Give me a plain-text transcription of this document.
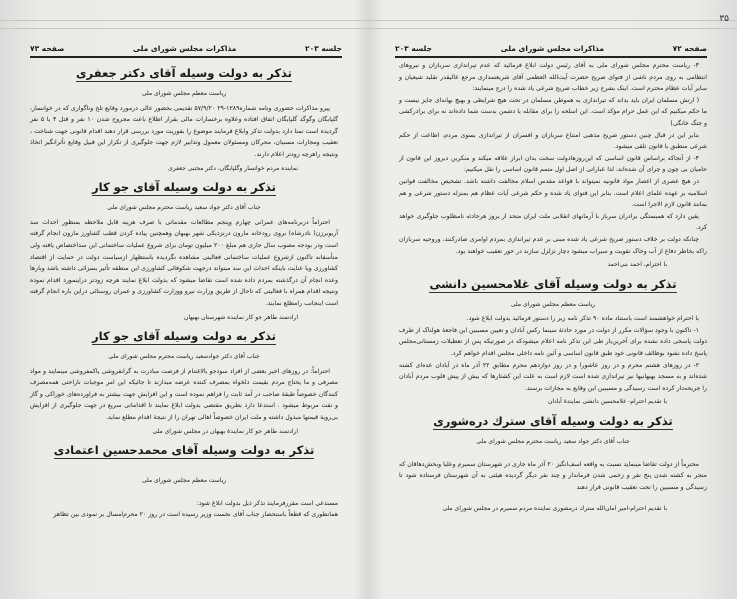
جلسه ۲۰۳
مذاکرات مجلس شورای ملی
صفحه ۷۳
تذکر به دولت وسیله آقای دکتر جعفری
ریاست معظم مجلس شورای ملی

پیرو مذاکرات حضوری ونامه شماره۱۲۸۹-۲۹ ۵۷/۹/۲۰ تقدیمی بحضور عالی درمورد وقایع تلخ وناگواری که در خوانسار، گلپایگان وگوگد گلپایگان اتفاق افتاده وعلاوه برخسارات مالی بقرار اطلاع باعث مجروح شدن ۱۰ نفر و قتل ۴ یا ۵ نفر گردیده است تمنا دارد بدولت تذکر وابلاغ فرمایند موضوع را بفوریت مورد بررسی قرار دهند اقدام قانونی جهت شناخت ، تعقیب ومجازات مسببان، محرکان ومسئولان معمول وتدابیر لازم جهت جلوگیری از تکرار این قبیل وقایع تأثرانگیز اتخاذ ونتیجه راهرچه زودتر اعلام دارند.

نماینده مردم خوانسار وگلپایگان، دکتر مجتبی جعفری
تذکر به دولت وسیله آقای جو کار
جناب آقای دکتر جواد سعید ریاست محترم مجلس شورای ملی

احتراماً دربرنامه‌های عمرانی چهارم وپنجم مطالعات مقدماتی با صرف هزینه قابل ملاحظه بمنظور احداث سد آریوبرزن( نادرشاه) بروی رودخانه مارون درنزدیکی شهر بهبهان وهمچنین پیاده کردن قطب کشاورز مارون انجام گرفته است ودر بودجه مصوب سال جاری هم مبلغ ۲۰۰ میلیون تومان برای شروع عملیات ساختمانی این سداختصاص یافته ولی متأسفانه تاکنون ازشروع عملیات ساختمانی فعالیتی مشاهده نگردیده باستظهار ازسیاست دولت در حمایت از اقتصاد کشاورزی ویا عنایت باینکه احداث این سد میتواند درجهت شکوفائی کشاورزی این منطقه تأثیر بسزائی داشته باشد وبارها وعده انجام آن درگذشته بمردم داده شده است تقاضا میشود که بدولت ابلاغ نمایند هرچه زودتر دراینمورد اقدام نموده ونتیجه اقدام همراه با فعالیتی که تاحال از طریق وزارت نیرو ووزارت کشاورزی و عمران روستائی دراین باره انجام گرفته است اینجانب رامطلع نمایند.

ارادتمند طاهر جو کار نماینده شهرستان بهبهان
تذکر به دولت وسیله آقای جو کار
جناب آقای دکتر جوادسعید ریاست محترم مجلس شورای ملی

احتراماً: در روزهای اخیر بعضی از افراد سودجو بالاغتنام از فرصت مبادرت به گرانفروشی یاکمفروشی مینمایند و مواد مصرفی و ما یحتاج مردم بقیمت دلخواه بمصرف کننده عرضه میدارند تا جائیکه این امر موجبات ناراحتی همه‌مصرف کنندگان خصوصاً طبقهٔ صاحب در آمد ثابت را فراهم نموده است و این افزایش جهت بیشتر به فراورده‌های خوراکی و گاز و نفت مربوط میشود . استدعا دارد بطریق مقتضی بدولت ابلاغ نمایند تا اقداماتی سریع در جهت جلوگیری از افزایش بی‌رویهٔ قیمتها مبذول داشته و ملت ایران خصوصاً اهالی تهران را از نتیجهٔ اقدام مطلع نماید.

ارادتمند طاهر جو کار نمایندهٔ بهبهان در مجلس شورای ملی
تذکر به دولت وسیله آقای محمدحسین اعتمادی
ریاست معظم مجلس شورای ملی

مستدعی است مقررفرمایند تذکر ذیل بدولت ابلاغ شود:

همانطوری که قطعاً باستحضار جناب آقای نخست وزیر رسیده است در روز ۲۰ محرم‌امسال بر نمودی بین تظاهر

۳۵
صفحه ۷۲
مذاکرات مجلس شورای ملی
جلسه ۲۰۳

۳- ریاست محترم مجلس شورای ملی به آقای رئیس دولت ابلاغ فرمائید که عدم تیراندازی سربازان و نیروهای انتظامی به روی مردم ناشی از فتوای صریح حضرت آیت‌الله العظمی آقای شریعتمداری مرجع عالیقدر تقلید شیعیان و سایر آیات عظام محترم است. اینک بشرح زیر خطاب صریح شرعی یاد شده را درج مینمایند:

( ارتش مسلمان ایران باید بداند که تیراندازی به هموطن مسلمان در تحت هیچ شرایطی و بهیچ بهانه‌ای جایز نیست و ما حکم میکنیم که این عمل حرام مؤکد است. این اسلحه را برای مقابله با دشمن بدست شما داده‌اند نه برای برادرکشی و جنگ خانگی)

بنابر این در قبال چنین دستور صریح مذهبی امتناع سربازان و افسران از تیراندازی بسوی مردم، اطاعت از حکم شرعی منطبق با قانون تلقی میشود.

۴- از آنجاکه براساس قانون اساسی که این‌روزهادولت سخت بدان ابراز علاقه میکند و منکرین دیروز این قانون از حامیان بی چون و چرای آن شده‌اند، لذا عباراتی از اصل اول متمم قانون اساسی را نقل میکنیم:

در هیچ عصری از اعصار مواد قانونیه نمیتواند با قواعد مقدس اسلام مخالفت داشته باشد. تشخیص مخالفت قوانین اسلامیه بر عهده علمای اعلام است. بنابر این فتوای یاد شده و حکم شرعی آیات عظام هم بمنزله دستور شرعی و هم بمانند قانون لازم الاجرا است.

یقین دارد که همبستگی برادران سرباز با آرمانهای انقلابی ملت ایران متحد از بروز هرحادثه نامطلوب جلوگیری خواهد کرد.

چنانکه دولت بر خلاف دستور صریح شرعی یاد شده مبنی بر عدم تیراندازی بمردم اوامری صادرکنند، وروحیه سربازان راکه بخاطر دفاع از آب وخاک تقویت و سیراب میشود دچار تزلزل سازند در خور تعقیب خواهند بود.

با احترام، احمد بنی‌احمد
تذکر به دولت وسیله آقای غلامحسین دانشی
ریاست معظم مجلس شورای ملی

با احترام خواهشمند است باستناد ماده ۹۰ تذکر نامه زیر را دستور فرمائید بدولت ابلاغ شود.

۱- تاکنون با وجود سؤالات مکرر از دولت در مورد حادثهٔ سینما رکس آبادان و تعیین مسببین این فاجعهٔ هولناک از طرف دولت پاسخی داده نشده برای آخرین‌بار طی این تذکر نامه اعلام میشودکه در صورتیکه پس از تعطیلات زمستانی‌مجلس پاسخ داده نشود بوظائف قانونی خود طبق قانون اساسی و آئین نامه داخلی مجلس اقدام خواهم کرد.

۲- در روزهای هشتم محرم و در روز عاشورا و در روز دوازدهم محرم مطابق ۲۲ آذر ماه در آبادان عده‌ای کشته شده‌اند و به مسجد بهبهانیها نیز تیراندازی شده است لازم است به علت این کشتارها که بیش از پیش قلوب مردم آبادان را جریحه‌دار کرده است رسیدگی و مسببین این وقایع به مجازات برسند.

با تقدیم احترام- غلامحسین دانشی نمایندهٔ آبادان
تذکر به دولت وسیله آقای سترك دره‌شوری
جناب آقای دکتر جواد سعید ریاست محترم مجلس شورای ملی

محترماً از دولت تقاضا مینماید نسبت به واقعه اسف‌انگیز ۲۰ آذر ماه جاری در شهرستان سمیرم وعلیا وبخش‌دهاقان که منجر به کشته شدن پنج نفر و زخمی شدن فرماندار و چند نفر دیگر گردیده هیئتی به آن شهرستان فرستاده شود تا رسیدگی و مسببین را تحت تعقیب قانونی قرار دهند

با تقدیم احترام-امیر امان‌الله سترك درمشوری نماینده مردم سمیرم در مجلس شورای ملی
